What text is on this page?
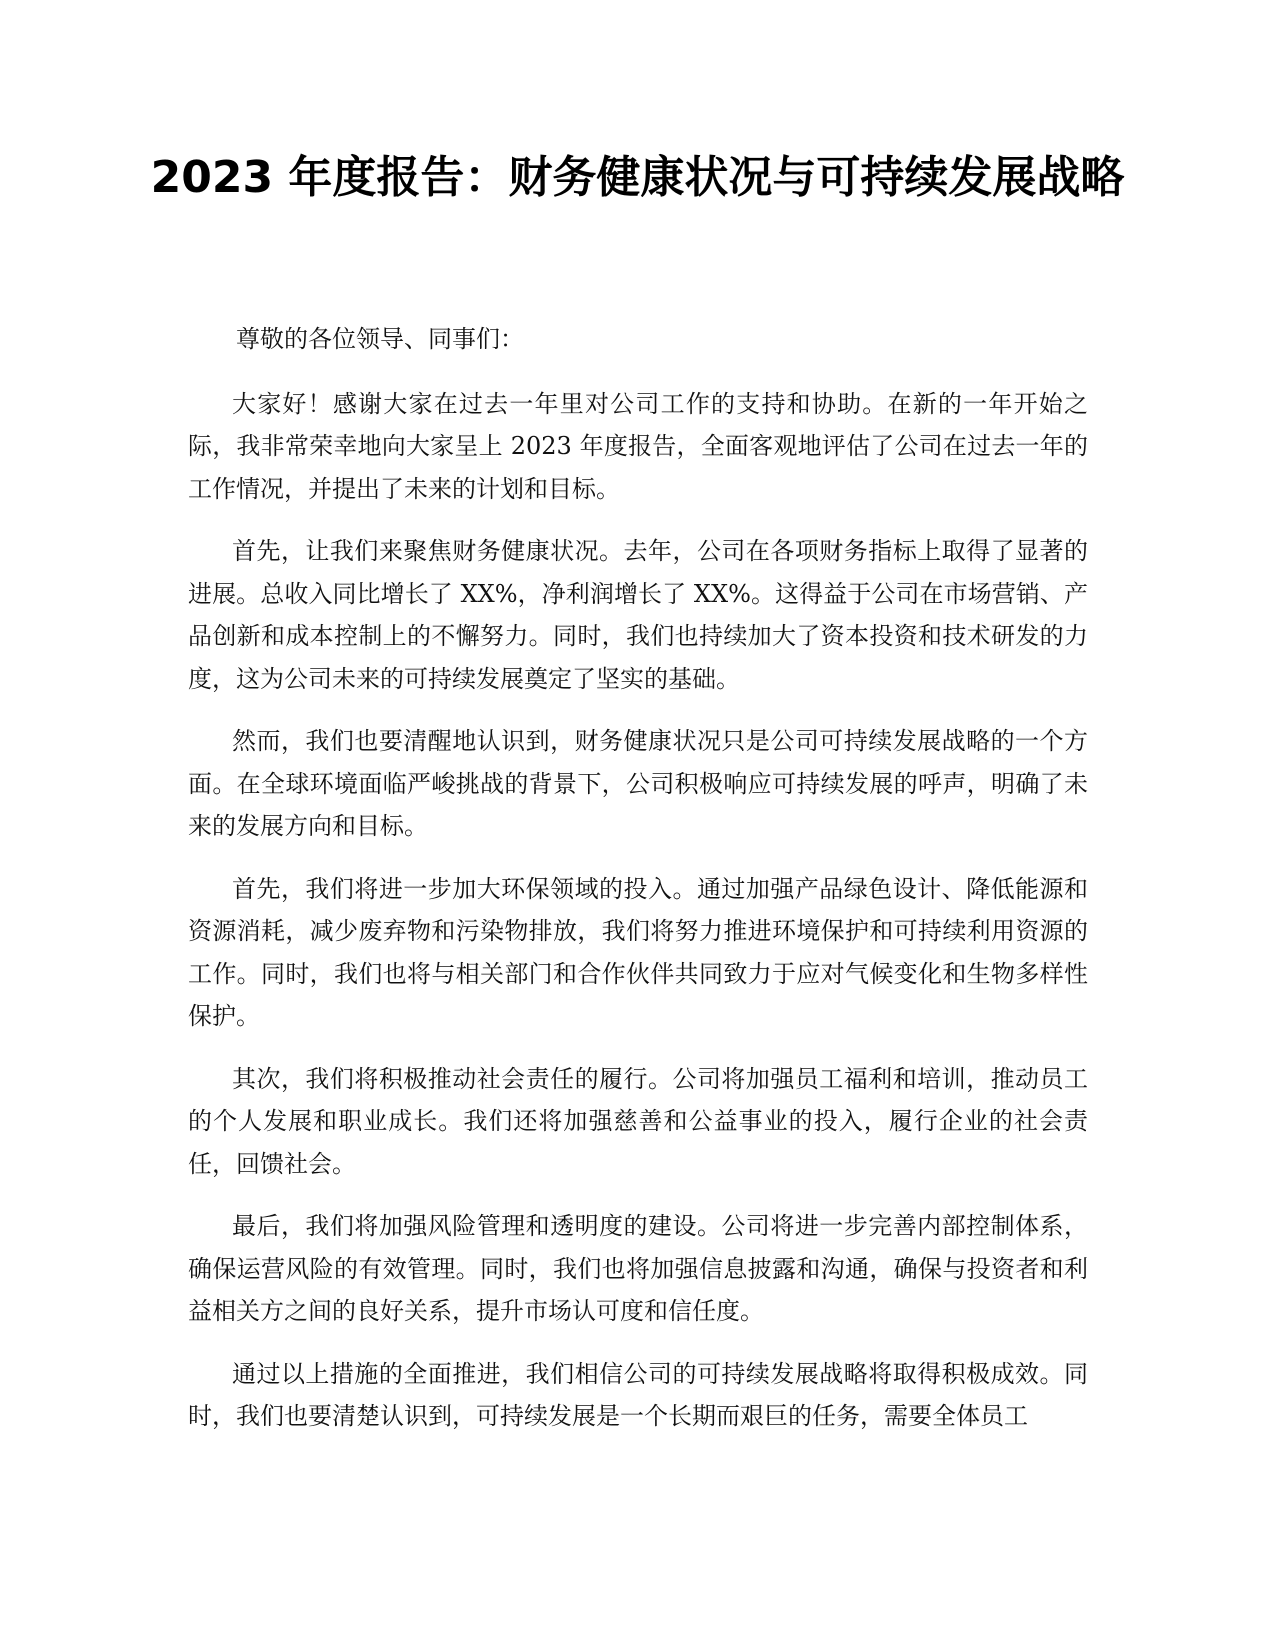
2023 年度报告：财务健康状况与可持续发展战略

尊敬的各位领导、同事们：

大家好！感谢大家在过去一年里对公司工作的支持和协助。在新的一年开始之际，我非常荣幸地向大家呈上 2023 年度报告，全面客观地评估了公司在过去一年的工作情况，并提出了未来的计划和目标。

首先，让我们来聚焦财务健康状况。去年，公司在各项财务指标上取得了显著的进展。总收入同比增长了 XX%，净利润增长了 XX%。这得益于公司在市场营销、产品创新和成本控制上的不懈努力。同时，我们也持续加大了资本投资和技术研发的力度，这为公司未来的可持续发展奠定了坚实的基础。

然而，我们也要清醒地认识到，财务健康状况只是公司可持续发展战略的一个方面。在全球环境面临严峻挑战的背景下，公司积极响应可持续发展的呼声，明确了未来的发展方向和目标。

首先，我们将进一步加大环保领域的投入。通过加强产品绿色设计、降低能源和资源消耗，减少废弃物和污染物排放，我们将努力推进环境保护和可持续利用资源的工作。同时，我们也将与相关部门和合作伙伴共同致力于应对气候变化和生物多样性保护。

其次，我们将积极推动社会责任的履行。公司将加强员工福利和培训，推动员工的个人发展和职业成长。我们还将加强慈善和公益事业的投入，履行企业的社会责任，回馈社会。

最后，我们将加强风险管理和透明度的建设。公司将进一步完善内部控制体系，确保运营风险的有效管理。同时，我们也将加强信息披露和沟通，确保与投资者和利益相关方之间的良好关系，提升市场认可度和信任度。

通过以上措施的全面推进，我们相信公司的可持续发展战略将取得积极成效。同时，我们也要清楚认识到，可持续发展是一个长期而艰巨的任务，需要全体员工
